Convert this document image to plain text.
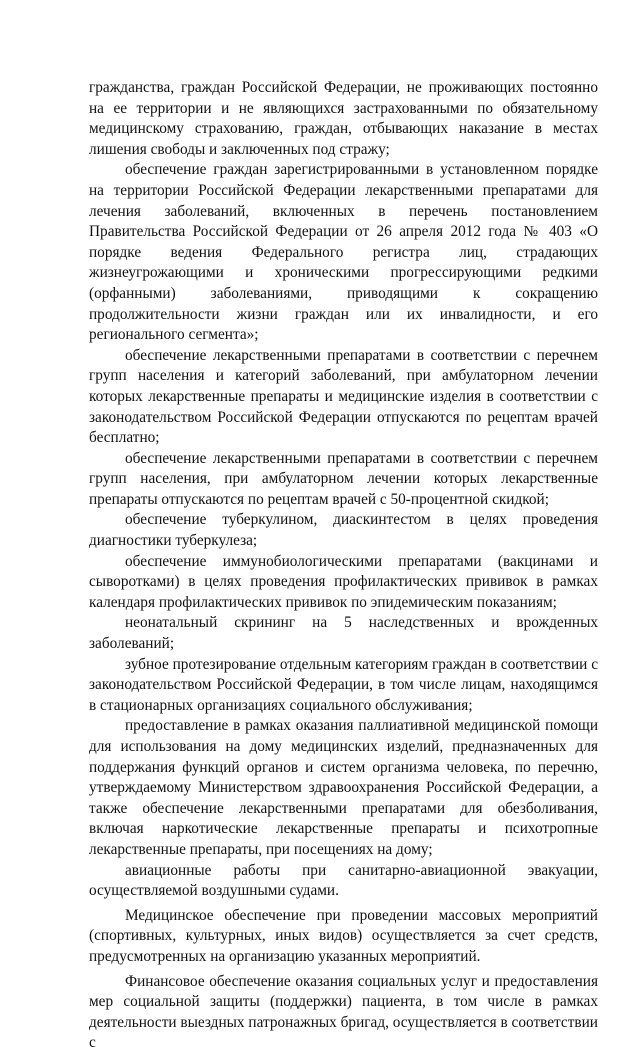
гражданства, граждан Российской Федерации, не проживающих постоянно на ее территории и не являющихся застрахованными по обязательному медицинскому страхованию, граждан, отбывающих наказание в местах лишения свободы и заключенных под стражу;

обеспечение граждан зарегистрированными в установленном порядке на территории Российской Федерации лекарственными препаратами для лечения заболеваний, включенных в перечень постановлением Правительства Российской Федерации от 26 апреля 2012 года № 403 «О порядке ведения Федерального регистра лиц, страдающих жизнеугрожающими и хроническими прогрессирующими редкими (орфанными) заболеваниями, приводящими к сокращению продолжительности жизни граждан или их инвалидности, и его регионального сегмента»;

обеспечение лекарственными препаратами в соответствии с перечнем групп населения и категорий заболеваний, при амбулаторном лечении которых лекарственные препараты и медицинские изделия в соответствии с законодательством Российской Федерации отпускаются по рецептам врачей бесплатно;

обеспечение лекарственными препаратами в соответствии с перечнем групп населения, при амбулаторном лечении которых лекарственные препараты отпускаются по рецептам врачей с 50-процентной скидкой;

обеспечение туберкулином, диаскинтестом в целях проведения диагностики туберкулеза;

обеспечение иммунобиологическими препаратами (вакцинами и сыворотками) в целях проведения профилактических прививок в рамках календаря профилактических прививок по эпидемическим показаниям;

неонатальный скрининг на 5 наследственных и врожденных заболеваний;

зубное протезирование отдельным категориям граждан в соответствии с законодательством Российской Федерации, в том числе лицам, находящимся в стационарных организациях социального обслуживания;

предоставление в рамках оказания паллиативной медицинской помощи для использования на дому медицинских изделий, предназначенных для поддержания функций органов и систем организма человека, по перечню, утверждаемому Министерством здравоохранения Российской Федерации, а также обеспечение лекарственными препаратами для обезболивания, включая наркотические лекарственные препараты и психотропные лекарственные препараты, при посещениях на дому;

авиационные работы при санитарно-авиационной эвакуации, осуществляемой воздушными судами.

Медицинское обеспечение при проведении массовых мероприятий (спортивных, культурных, иных видов) осуществляется за счет средств, предусмотренных на организацию указанных мероприятий.

Финансовое обеспечение оказания социальных услуг и предоставления мер социальной защиты (поддержки) пациента, в том числе в рамках деятельности выездных патронажных бригад, осуществляется в соответствии с
